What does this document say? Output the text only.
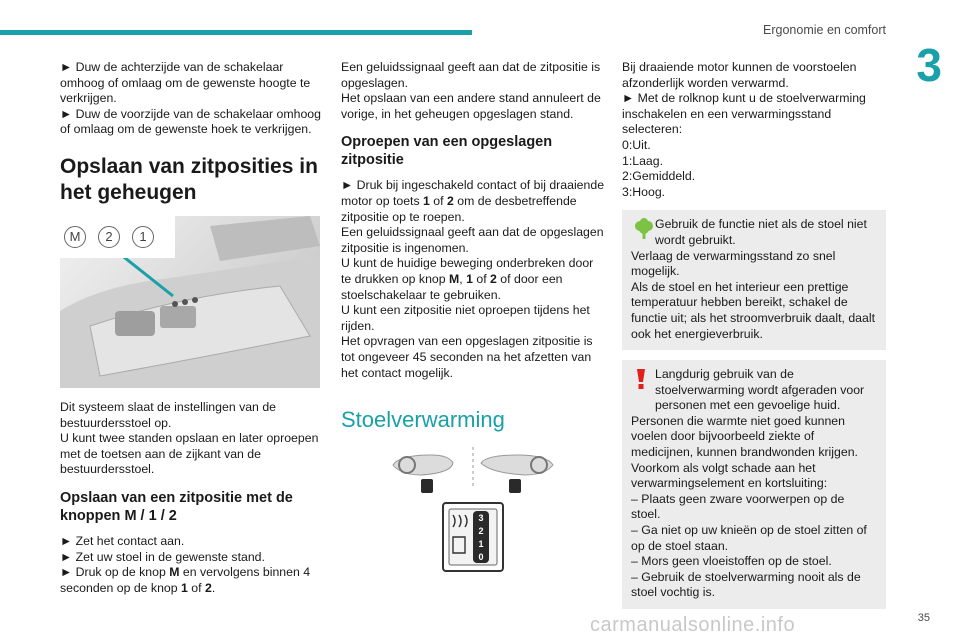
Ergonomie en comfort
3
35

► Duw de achterzijde van de schakelaar omhoog of omlaag om de gewenste hoogte te verkrijgen.

► Duw de voorzijde van de schakelaar omhoog of omlaag om de gewenste hoek te verkrijgen.

Opslaan van zitposities in het geheugen
M 2 1

Dit systeem slaat de instellingen van de bestuurdersstoel op.

U kunt twee standen opslaan en later oproepen met de toetsen aan de zijkant van de bestuurdersstoel.

Opslaan van een zitpositie met de knoppen M / 1 / 2

► Zet het contact aan.

► Zet uw stoel in de gewenste stand.

► Druk op de knop M en vervolgens binnen 4 seconden op de knop 1 of 2.

Een geluidssignaal geeft aan dat de zitpositie is opgeslagen.

Het opslaan van een andere stand annuleert de vorige, in het geheugen opgeslagen stand.

Oproepen van een opgeslagen zitpositie

► Druk bij ingeschakeld contact of bij draaiende motor op toets 1 of 2 om de desbetreffende zitpositie op te roepen.

Een geluidssignaal geeft aan dat de opgeslagen zitpositie is ingenomen.

U kunt de huidige beweging onderbreken door te drukken op knop M, 1 of 2 of door een stoelschakelaar te gebruiken.

U kunt een zitpositie niet oproepen tijdens het rijden.

Het opvragen van een opgeslagen zitpositie is tot ongeveer 45 seconden na het afzetten van het contact mogelijk.

Stoelverwarming
3
2
1
0

Bij draaiende motor kunnen de voorstoelen afzonderlijk worden verwarmd.

► Met de rolknop kunt u de stoelverwarming inschakelen en een verwarmingsstand selecteren:

0:Uit.

1:Laag.

2:Gemiddeld.

3:Hoog.

Gebruik de functie niet als de stoel niet wordt gebruikt.

Verlaag de verwarmingsstand zo snel mogelijk.

Als de stoel en het interieur een prettige temperatuur hebben bereikt, schakel de functie uit; als het stroomverbruik daalt, daalt ook het energieverbruik.

Langdurig gebruik van de stoelverwarming wordt afgeraden voor personen met een gevoelige huid.

Personen die warmte niet goed kunnen voelen door bijvoorbeeld ziekte of medicijnen, kunnen brandwonden krijgen.

Voorkom als volgt schade aan het verwarmingselement en kortsluiting:

– Plaats geen zware voorwerpen op de stoel.

– Ga niet op uw knieën op de stoel zitten of op de stoel staan.

– Mors geen vloeistoffen op de stoel.

– Gebruik de stoelverwarming nooit als de stoel vochtig is.

carmanualsonline.info
